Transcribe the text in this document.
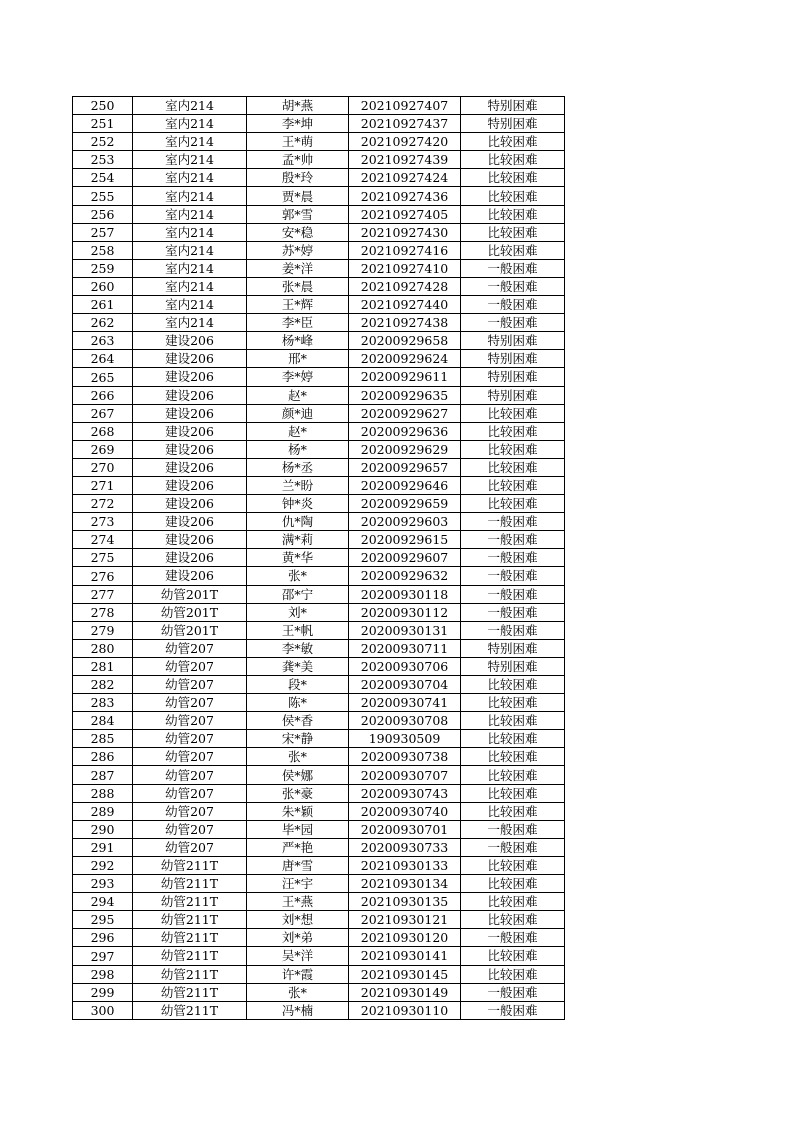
250	室内214	胡*燕	20210927407	特别困难
251	室内214	李*坤	20210927437	特别困难
252	室内214	王*萌	20210927420	比较困难
253	室内214	孟*帅	20210927439	比较困难
254	室内214	殷*玲	20210927424	比较困难
255	室内214	贾*晨	20210927436	比较困难
256	室内214	郭*雪	20210927405	比较困难
257	室内214	安*稳	20210927430	比较困难
258	室内214	苏*婷	20210927416	比较困难
259	室内214	姜*洋	20210927410	一般困难
260	室内214	张*晨	20210927428	一般困难
261	室内214	王*辉	20210927440	一般困难
262	室内214	李*臣	20210927438	一般困难
263	建设206	杨*峰	20200929658	特别困难
264	建设206	邢*	20200929624	特别困难
265	建设206	李*婷	20200929611	特别困难
266	建设206	赵*	20200929635	特别困难
267	建设206	颜*迪	20200929627	比较困难
268	建设206	赵*	20200929636	比较困难
269	建设206	杨*	20200929629	比较困难
270	建设206	杨*丞	20200929657	比较困难
271	建设206	兰*盼	20200929646	比较困难
272	建设206	钟*炎	20200929659	比较困难
273	建设206	仇*陶	20200929603	一般困难
274	建设206	满*莉	20200929615	一般困难
275	建设206	黄*华	20200929607	一般困难
276	建设206	张*	20200929632	一般困难
277	幼管201T	邵*宁	20200930118	一般困难
278	幼管201T	刘*	20200930112	一般困难
279	幼管201T	王*帆	20200930131	一般困难
280	幼管207	李*敏	20200930711	特别困难
281	幼管207	龚*美	20200930706	特别困难
282	幼管207	段*	20200930704	比较困难
283	幼管207	陈*	20200930741	比较困难
284	幼管207	侯*香	20200930708	比较困难
285	幼管207	宋*静	190930509	比较困难
286	幼管207	张*	20200930738	比较困难
287	幼管207	侯*娜	20200930707	比较困难
288	幼管207	张*豪	20200930743	比较困难
289	幼管207	朱*颖	20200930740	比较困难
290	幼管207	毕*园	20200930701	一般困难
291	幼管207	严*艳	20200930733	一般困难
292	幼管211T	唐*雪	20210930133	比较困难
293	幼管211T	汪*宇	20210930134	比较困难
294	幼管211T	王*燕	20210930135	比较困难
295	幼管211T	刘*想	20210930121	比较困难
296	幼管211T	刘*弟	20210930120	一般困难
297	幼管211T	吴*洋	20210930141	比较困难
298	幼管211T	许*霞	20210930145	比较困难
299	幼管211T	张*	20210930149	一般困难
300	幼管211T	冯*楠	20210930110	一般困难
